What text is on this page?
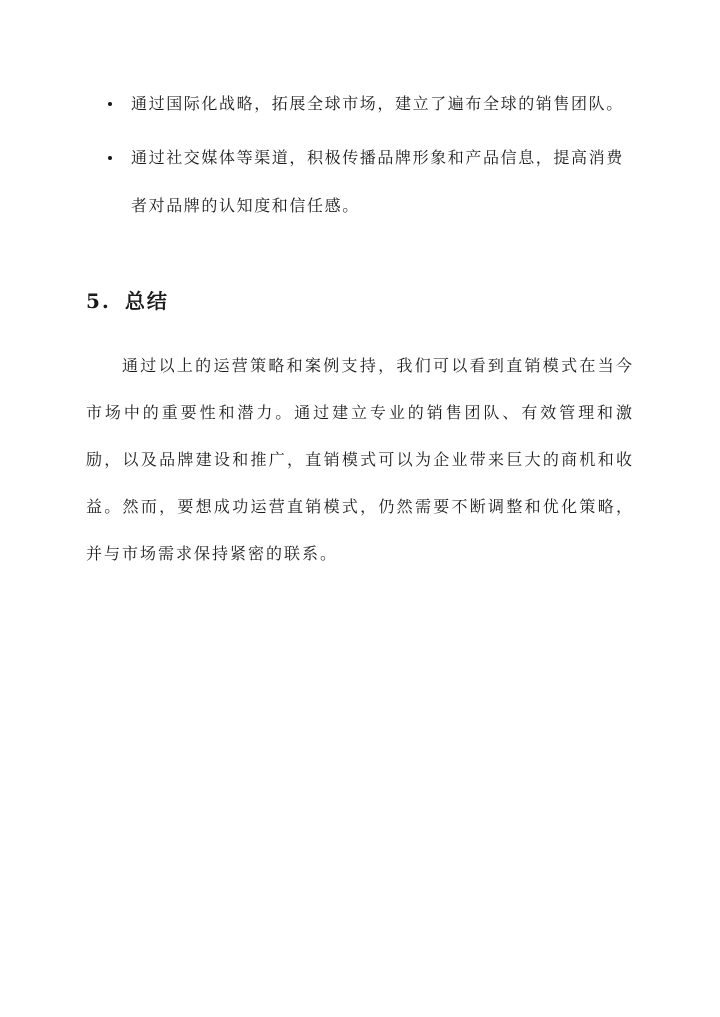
通过国际化战略，拓展全球市场，建立了遍布全球的销售团队。
通过社交媒体等渠道，积极传播品牌形象和产品信息，提高消费者对品牌的认知度和信任感。
5. 总结

通过以上的运营策略和案例支持，我们可以看到直销模式在当今市场中的重要性和潜力。通过建立专业的销售团队、有效管理和激励，以及品牌建设和推广，直销模式可以为企业带来巨大的商机和收益。然而，要想成功运营直销模式，仍然需要不断调整和优化策略，并与市场需求保持紧密的联系。
